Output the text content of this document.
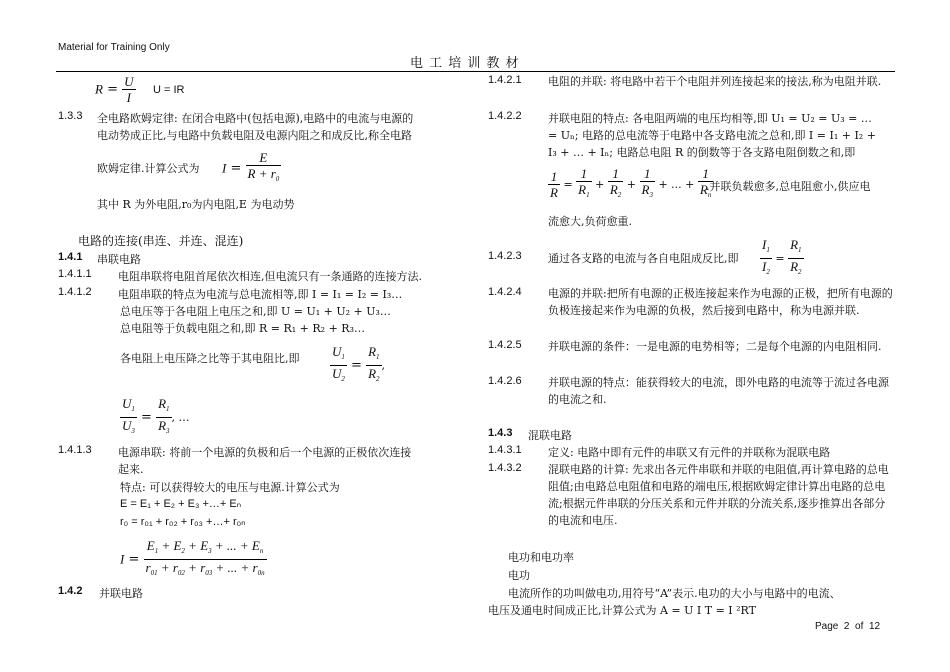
Material for Training Only
电 工 培 训 教 材
$R = \frac{U}{I}$ U = IR
1.3.3 全电路欧姆定律: 在闭合电路中(包括电源),电路中的电流与电源的
电动势成正比,与电路中负载电阻及电源内阻之和成反比,称全电路
欧姆定律.计算公式为 $I = \frac{E}{R + r_0}$
其中 R 为外电阻,r₀为内电阻,E 为电动势
电路的连接(串连、并连、混连)
1.4.1 串联电路
1.4.1.1 电阻串联将电阻首尾依次相连,但电流只有一条通路的连接方法.
1.4.1.2 电阻串联的特点为电流与总电流相等,即 I = I₁ = I₂ = I₃…
总电压等于各电阻上电压之和,即 U = U₁ + U₂ + U₃…
总电阻等于负载电阻之和,即 R = R₁ + R₂ + R₃…
各电阻上电压降之比等于其电阻比,即 $\frac{U_1}{U_2} = \frac{R_1}{R_2}$ ,
$\frac{U_1}{U_3} = \frac{R_1}{R_3}$ , …
1.4.1.3 电源串联: 将前一个电源的负极和后一个电源的正极依次连接
起来.
特点: 可以获得较大的电压与电源.计算公式为
E = E₁ + E₂ + E₃ +…+ Eₙ
r₀ = r₀₁ + r₀₂ + r₀₃ +…+ r₀ₙ
$I = \frac{E_1 + E_2 + E_3 + ... + E_n}{r_{01} + r_{02} + r_{03} + ... + r_{0n}}$
1.4.2 并联电路
1.4.2.1 电阻的并联: 将电路中若干个电阻并列连接起来的接法,称为电阻并联.
1.4.2.2 并联电阻的特点: 各电阻两端的电压均相等,即 U₁ = U₂ = U₃ = …
= Uₙ; 电路的总电流等于电路中各支路电流之总和,即 I = I₁ + I₂ +
I₃ + … + Iₙ; 电路总电阻 R 的倒数等于各支路电阻倒数之和,即
$\frac{1}{R} = \frac{1}{R_1} + \frac{1}{R_2} + \frac{1}{R_3}$ + ... + $\frac{1}{R_n}$
.并联负载愈多,总电阻愈小,供应电
流愈大,负荷愈重.
1.4.2.3 通过各支路的电流与各自电阻成反比,即 $\frac{I_1}{I_2} = \frac{R_1}{R_2}$
1.4.2.4 电源的并联:把所有电源的正极连接起来作为电源的正极，把所有电源的负极连接起来作为电源的负极，然后接到电路中，称为电源并联.
1.4.2.5 并联电源的条件：一是电源的电势相等；二是每个电源的内电阻相同.
1.4.2.6 并联电源的特点：能获得较大的电流，即外电路的电流等于流过各电源的电流之和.
1.4.3 混联电路
1.4.3.1 定义: 电路中即有元件的串联又有元件的并联称为混联电路
1.4.3.2 混联电路的计算: 先求出各元件串联和并联的电阻值,再计算电路的总电阻值;由电路总电阻值和电路的端电压,根据欧姆定律计算出电路的总电流;根据元件串联的分压关系和元件并联的分流关系,逐步推算出各部分的电流和电压.
电功和电功率
电功
电流所作的功叫做电功,用符号“A”表示.电功的大小与电路中的电流、
电压及通电时间成正比,计算公式为 A = U I T = I ²RT
Page 2 of 12
